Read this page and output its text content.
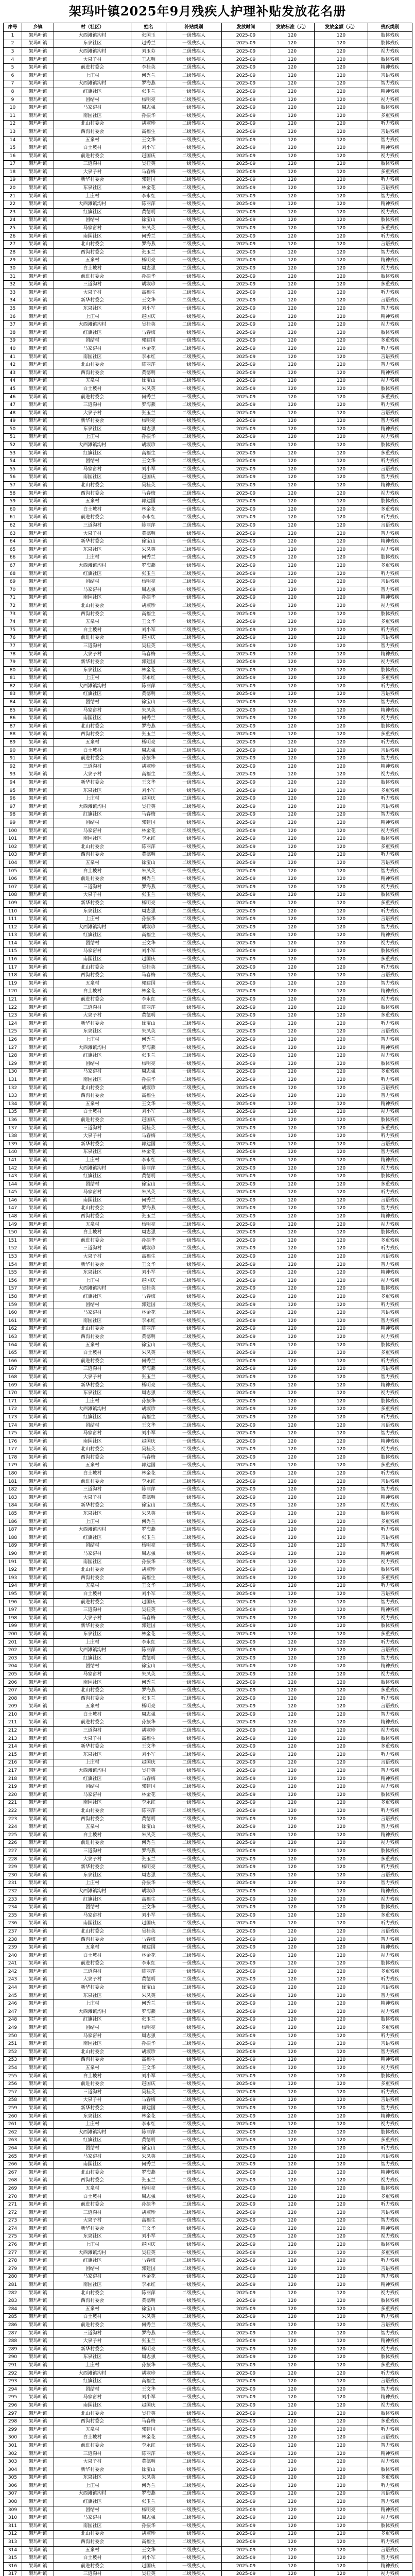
架玛叶镇2025年9月残疾人护理补贴发放花名册
序号	乡镇	村（社区）	姓名	补贴类别	发放时间	发放标准（元）	发放金额（元）	残疾类别
1	架玛叶镇	大西滩镇沟村	张国玉	一级残疾人	2025-09	120	120	肢体残疾
2	架玛叶镇	东泉社区	赵秀兰	一级残疾人	2025-09	120	120	肢体残疾
3	架玛叶镇	大西滩镇沟村	刘玉芬	二级残疾人	2025-09	120	120	视力残疾
4	架玛叶镇	大泉子村	王志明	一级残疾人	2025-09	120	120	肢体残疾
5	架玛叶镇	前进村委会	李桂英	二级残疾人	2025-09	120	120	精神残疾
6	架玛叶镇	上庄村	何秀兰	二级残疾人	2025-09	120	120	言语残疾
7	架玛叶镇	大西滩镇沟村	罗海燕	一级残疾人	2025-09	120	120	智力残疾
8	架玛叶镇	红旗社区	张玉兰	一级残疾人	2025-09	120	120	精神残疾
9	架玛叶镇	团结村	杨明亮	二级残疾人	2025-09	120	120	视力残疾
10	架玛叶镇	马家窑村	周志强	一级残疾人	2025-09	120	120	肢体残疾
11	架玛叶镇	南园社区	孙振华	一级残疾人	2025-09	120	120	多重残疾
12	架玛叶镇	北山村委会	胡淑珍	二级残疾人	2025-09	120	120	听力残疾
13	架玛叶镇	西沟村委会	高福生	二级残疾人	2025-09	120	120	言语残疾
14	架玛叶镇	五泉村	王文华	一级残疾人	2025-09	120	120	智力残疾
15	架玛叶镇	白土坡村	刘小军	一级残疾人	2025-09	120	120	精神残疾
16	架玛叶镇	前进村委会	赵国庆	二级残疾人	2025-09	120	120	视力残疾
17	架玛叶镇	三道沟村	吴桂英	一级残疾人	2025-09	120	120	肢体残疾
18	架玛叶镇	大泉子村	马春梅	一级残疾人	2025-09	120	120	多重残疾
19	架玛叶镇	新华村委会	郭建国	二级残疾人	2025-09	120	120	听力残疾
20	架玛叶镇	东泉社区	林金花	二级残疾人	2025-09	120	120	言语残疾
21	架玛叶镇	上庄村	李永红	一级残疾人	2025-09	120	120	智力残疾
22	架玛叶镇	大西滩镇沟村	陈丽萍	一级残疾人	2025-09	120	120	精神残疾
23	架玛叶镇	红旗社区	黄德明	二级残疾人	2025-09	120	120	视力残疾
24	架玛叶镇	团结村	徐宝山	一级残疾人	2025-09	120	120	肢体残疾
25	架玛叶镇	马家窑村	朱凤英	一级残疾人	2025-09	120	120	多重残疾
26	架玛叶镇	南园社区	何秀兰	二级残疾人	2025-09	120	120	听力残疾
27	架玛叶镇	北山村委会	罗海燕	二级残疾人	2025-09	120	120	言语残疾
28	架玛叶镇	西沟村委会	张玉兰	一级残疾人	2025-09	120	120	智力残疾
29	架玛叶镇	五泉村	杨明亮	一级残疾人	2025-09	120	120	精神残疾
30	架玛叶镇	白土坡村	周志强	二级残疾人	2025-09	120	120	视力残疾
31	架玛叶镇	前进村委会	孙振华	一级残疾人	2025-09	120	120	肢体残疾
32	架玛叶镇	三道沟村	胡淑珍	一级残疾人	2025-09	120	120	多重残疾
33	架玛叶镇	大泉子村	高福生	二级残疾人	2025-09	120	120	听力残疾
34	架玛叶镇	新华村委会	王文华	二级残疾人	2025-09	120	120	言语残疾
35	架玛叶镇	东泉社区	刘小军	一级残疾人	2025-09	120	120	智力残疾
36	架玛叶镇	上庄村	赵国庆	一级残疾人	2025-09	120	120	精神残疾
37	架玛叶镇	大西滩镇沟村	吴桂英	二级残疾人	2025-09	120	120	视力残疾
38	架玛叶镇	红旗社区	马春梅	一级残疾人	2025-09	120	120	肢体残疾
39	架玛叶镇	团结村	郭建国	一级残疾人	2025-09	120	120	多重残疾
40	架玛叶镇	马家窑村	林金花	二级残疾人	2025-09	120	120	听力残疾
41	架玛叶镇	南园社区	李永红	二级残疾人	2025-09	120	120	言语残疾
42	架玛叶镇	北山村委会	陈丽萍	一级残疾人	2025-09	120	120	智力残疾
43	架玛叶镇	西沟村委会	黄德明	一级残疾人	2025-09	120	120	精神残疾
44	架玛叶镇	五泉村	徐宝山	二级残疾人	2025-09	120	120	视力残疾
45	架玛叶镇	白土坡村	朱凤英	一级残疾人	2025-09	120	120	肢体残疾
46	架玛叶镇	前进村委会	何秀兰	一级残疾人	2025-09	120	120	多重残疾
47	架玛叶镇	三道沟村	罗海燕	二级残疾人	2025-09	120	120	听力残疾
48	架玛叶镇	大泉子村	张玉兰	二级残疾人	2025-09	120	120	言语残疾
49	架玛叶镇	新华村委会	杨明亮	一级残疾人	2025-09	120	120	智力残疾
50	架玛叶镇	东泉社区	周志强	一级残疾人	2025-09	120	120	精神残疾
51	架玛叶镇	上庄村	孙振华	二级残疾人	2025-09	120	120	视力残疾
52	架玛叶镇	大西滩镇沟村	胡淑珍	一级残疾人	2025-09	120	120	肢体残疾
53	架玛叶镇	红旗社区	高福生	一级残疾人	2025-09	120	120	多重残疾
54	架玛叶镇	团结村	王文华	二级残疾人	2025-09	120	120	听力残疾
55	架玛叶镇	马家窑村	刘小军	二级残疾人	2025-09	120	120	言语残疾
56	架玛叶镇	南园社区	赵国庆	一级残疾人	2025-09	120	120	智力残疾
57	架玛叶镇	北山村委会	吴桂英	一级残疾人	2025-09	120	120	精神残疾
58	架玛叶镇	西沟村委会	马春梅	二级残疾人	2025-09	120	120	视力残疾
59	架玛叶镇	五泉村	郭建国	一级残疾人	2025-09	120	120	肢体残疾
60	架玛叶镇	白土坡村	林金花	一级残疾人	2025-09	120	120	多重残疾
61	架玛叶镇	前进村委会	李永红	二级残疾人	2025-09	120	120	听力残疾
62	架玛叶镇	三道沟村	陈丽萍	二级残疾人	2025-09	120	120	言语残疾
63	架玛叶镇	大泉子村	黄德明	一级残疾人	2025-09	120	120	智力残疾
64	架玛叶镇	新华村委会	徐宝山	一级残疾人	2025-09	120	120	精神残疾
65	架玛叶镇	东泉社区	朱凤英	二级残疾人	2025-09	120	120	视力残疾
66	架玛叶镇	上庄村	何秀兰	一级残疾人	2025-09	120	120	肢体残疾
67	架玛叶镇	大西滩镇沟村	罗海燕	一级残疾人	2025-09	120	120	多重残疾
68	架玛叶镇	红旗社区	张玉兰	二级残疾人	2025-09	120	120	听力残疾
69	架玛叶镇	团结村	杨明亮	二级残疾人	2025-09	120	120	言语残疾
70	架玛叶镇	马家窑村	周志强	一级残疾人	2025-09	120	120	智力残疾
71	架玛叶镇	南园社区	孙振华	一级残疾人	2025-09	120	120	精神残疾
72	架玛叶镇	北山村委会	胡淑珍	二级残疾人	2025-09	120	120	视力残疾
73	架玛叶镇	西沟村委会	高福生	一级残疾人	2025-09	120	120	肢体残疾
74	架玛叶镇	五泉村	王文华	一级残疾人	2025-09	120	120	多重残疾
75	架玛叶镇	白土坡村	刘小军	二级残疾人	2025-09	120	120	听力残疾
76	架玛叶镇	前进村委会	赵国庆	二级残疾人	2025-09	120	120	言语残疾
77	架玛叶镇	三道沟村	吴桂英	一级残疾人	2025-09	120	120	智力残疾
78	架玛叶镇	大泉子村	马春梅	一级残疾人	2025-09	120	120	精神残疾
79	架玛叶镇	新华村委会	郭建国	二级残疾人	2025-09	120	120	视力残疾
80	架玛叶镇	东泉社区	林金花	一级残疾人	2025-09	120	120	肢体残疾
81	架玛叶镇	上庄村	李永红	一级残疾人	2025-09	120	120	多重残疾
82	架玛叶镇	大西滩镇沟村	陈丽萍	二级残疾人	2025-09	120	120	听力残疾
83	架玛叶镇	红旗社区	黄德明	二级残疾人	2025-09	120	120	言语残疾
84	架玛叶镇	团结村	徐宝山	一级残疾人	2025-09	120	120	智力残疾
85	架玛叶镇	马家窑村	朱凤英	一级残疾人	2025-09	120	120	精神残疾
86	架玛叶镇	南园社区	何秀兰	二级残疾人	2025-09	120	120	视力残疾
87	架玛叶镇	北山村委会	罗海燕	一级残疾人	2025-09	120	120	肢体残疾
88	架玛叶镇	西沟村委会	张玉兰	一级残疾人	2025-09	120	120	多重残疾
89	架玛叶镇	五泉村	杨明亮	二级残疾人	2025-09	120	120	听力残疾
90	架玛叶镇	白土坡村	周志强	二级残疾人	2025-09	120	120	言语残疾
91	架玛叶镇	前进村委会	孙振华	一级残疾人	2025-09	120	120	智力残疾
92	架玛叶镇	三道沟村	胡淑珍	一级残疾人	2025-09	120	120	精神残疾
93	架玛叶镇	大泉子村	高福生	二级残疾人	2025-09	120	120	视力残疾
94	架玛叶镇	新华村委会	王文华	一级残疾人	2025-09	120	120	肢体残疾
95	架玛叶镇	东泉社区	刘小军	一级残疾人	2025-09	120	120	多重残疾
96	架玛叶镇	上庄村	赵国庆	二级残疾人	2025-09	120	120	听力残疾
97	架玛叶镇	大西滩镇沟村	吴桂英	二级残疾人	2025-09	120	120	言语残疾
98	架玛叶镇	红旗社区	马春梅	一级残疾人	2025-09	120	120	智力残疾
99	架玛叶镇	团结村	郭建国	一级残疾人	2025-09	120	120	精神残疾
100	架玛叶镇	马家窑村	林金花	二级残疾人	2025-09	120	120	视力残疾
101	架玛叶镇	南园社区	李永红	一级残疾人	2025-09	120	120	肢体残疾
102	架玛叶镇	北山村委会	陈丽萍	一级残疾人	2025-09	120	120	多重残疾
103	架玛叶镇	西沟村委会	黄德明	二级残疾人	2025-09	120	120	听力残疾
104	架玛叶镇	五泉村	徐宝山	二级残疾人	2025-09	120	120	言语残疾
105	架玛叶镇	白土坡村	朱凤英	一级残疾人	2025-09	120	120	智力残疾
106	架玛叶镇	前进村委会	何秀兰	一级残疾人	2025-09	120	120	精神残疾
107	架玛叶镇	三道沟村	罗海燕	二级残疾人	2025-09	120	120	视力残疾
108	架玛叶镇	大泉子村	张玉兰	一级残疾人	2025-09	120	120	肢体残疾
109	架玛叶镇	新华村委会	杨明亮	一级残疾人	2025-09	120	120	多重残疾
110	架玛叶镇	东泉社区	周志强	二级残疾人	2025-09	120	120	听力残疾
111	架玛叶镇	上庄村	孙振华	二级残疾人	2025-09	120	120	言语残疾
112	架玛叶镇	大西滩镇沟村	胡淑珍	一级残疾人	2025-09	120	120	智力残疾
113	架玛叶镇	红旗社区	高福生	一级残疾人	2025-09	120	120	精神残疾
114	架玛叶镇	团结村	王文华	二级残疾人	2025-09	120	120	视力残疾
115	架玛叶镇	马家窑村	刘小军	一级残疾人	2025-09	120	120	肢体残疾
116	架玛叶镇	南园社区	赵国庆	一级残疾人	2025-09	120	120	多重残疾
117	架玛叶镇	北山村委会	吴桂英	二级残疾人	2025-09	120	120	听力残疾
118	架玛叶镇	西沟村委会	马春梅	二级残疾人	2025-09	120	120	言语残疾
119	架玛叶镇	五泉村	郭建国	一级残疾人	2025-09	120	120	智力残疾
120	架玛叶镇	白土坡村	林金花	一级残疾人	2025-09	120	120	精神残疾
121	架玛叶镇	前进村委会	李永红	二级残疾人	2025-09	120	120	视力残疾
122	架玛叶镇	三道沟村	陈丽萍	一级残疾人	2025-09	120	120	肢体残疾
123	架玛叶镇	大泉子村	黄德明	一级残疾人	2025-09	120	120	多重残疾
124	架玛叶镇	新华村委会	徐宝山	二级残疾人	2025-09	120	120	听力残疾
125	架玛叶镇	东泉社区	朱凤英	二级残疾人	2025-09	120	120	言语残疾
126	架玛叶镇	上庄村	何秀兰	一级残疾人	2025-09	120	120	智力残疾
127	架玛叶镇	大西滩镇沟村	罗海燕	一级残疾人	2025-09	120	120	精神残疾
128	架玛叶镇	红旗社区	张玉兰	二级残疾人	2025-09	120	120	视力残疾
129	架玛叶镇	团结村	杨明亮	一级残疾人	2025-09	120	120	肢体残疾
130	架玛叶镇	马家窑村	周志强	一级残疾人	2025-09	120	120	多重残疾
131	架玛叶镇	南园社区	孙振华	二级残疾人	2025-09	120	120	听力残疾
132	架玛叶镇	北山村委会	胡淑珍	二级残疾人	2025-09	120	120	言语残疾
133	架玛叶镇	西沟村委会	高福生	一级残疾人	2025-09	120	120	智力残疾
134	架玛叶镇	五泉村	王文华	一级残疾人	2025-09	120	120	精神残疾
135	架玛叶镇	白土坡村	刘小军	二级残疾人	2025-09	120	120	视力残疾
136	架玛叶镇	前进村委会	赵国庆	一级残疾人	2025-09	120	120	肢体残疾
137	架玛叶镇	三道沟村	吴桂英	一级残疾人	2025-09	120	120	多重残疾
138	架玛叶镇	大泉子村	马春梅	二级残疾人	2025-09	120	120	听力残疾
139	架玛叶镇	新华村委会	郭建国	二级残疾人	2025-09	120	120	言语残疾
140	架玛叶镇	东泉社区	林金花	一级残疾人	2025-09	120	120	智力残疾
141	架玛叶镇	上庄村	李永红	一级残疾人	2025-09	120	120	精神残疾
142	架玛叶镇	大西滩镇沟村	陈丽萍	二级残疾人	2025-09	120	120	视力残疾
143	架玛叶镇	红旗社区	黄德明	一级残疾人	2025-09	120	120	肢体残疾
144	架玛叶镇	团结村	徐宝山	一级残疾人	2025-09	120	120	多重残疾
145	架玛叶镇	马家窑村	朱凤英	二级残疾人	2025-09	120	120	听力残疾
146	架玛叶镇	南园社区	何秀兰	二级残疾人	2025-09	120	120	言语残疾
147	架玛叶镇	北山村委会	罗海燕	一级残疾人	2025-09	120	120	智力残疾
148	架玛叶镇	西沟村委会	张玉兰	一级残疾人	2025-09	120	120	精神残疾
149	架玛叶镇	五泉村	杨明亮	二级残疾人	2025-09	120	120	视力残疾
150	架玛叶镇	白土坡村	周志强	一级残疾人	2025-09	120	120	肢体残疾
151	架玛叶镇	前进村委会	孙振华	一级残疾人	2025-09	120	120	多重残疾
152	架玛叶镇	三道沟村	胡淑珍	二级残疾人	2025-09	120	120	听力残疾
153	架玛叶镇	大泉子村	高福生	二级残疾人	2025-09	120	120	言语残疾
154	架玛叶镇	新华村委会	王文华	一级残疾人	2025-09	120	120	智力残疾
155	架玛叶镇	东泉社区	刘小军	一级残疾人	2025-09	120	120	精神残疾
156	架玛叶镇	上庄村	赵国庆	二级残疾人	2025-09	120	120	视力残疾
157	架玛叶镇	大西滩镇沟村	吴桂英	一级残疾人	2025-09	120	120	肢体残疾
158	架玛叶镇	红旗社区	马春梅	一级残疾人	2025-09	120	120	多重残疾
159	架玛叶镇	团结村	郭建国	二级残疾人	2025-09	120	120	听力残疾
160	架玛叶镇	马家窑村	林金花	二级残疾人	2025-09	120	120	言语残疾
161	架玛叶镇	南园社区	李永红	一级残疾人	2025-09	120	120	智力残疾
162	架玛叶镇	北山村委会	陈丽萍	一级残疾人	2025-09	120	120	精神残疾
163	架玛叶镇	西沟村委会	黄德明	二级残疾人	2025-09	120	120	视力残疾
164	架玛叶镇	五泉村	徐宝山	一级残疾人	2025-09	120	120	肢体残疾
165	架玛叶镇	白土坡村	朱凤英	一级残疾人	2025-09	120	120	多重残疾
166	架玛叶镇	前进村委会	何秀兰	二级残疾人	2025-09	120	120	听力残疾
167	架玛叶镇	三道沟村	罗海燕	二级残疾人	2025-09	120	120	言语残疾
168	架玛叶镇	大泉子村	张玉兰	一级残疾人	2025-09	120	120	智力残疾
169	架玛叶镇	新华村委会	杨明亮	一级残疾人	2025-09	120	120	精神残疾
170	架玛叶镇	东泉社区	周志强	二级残疾人	2025-09	120	120	视力残疾
171	架玛叶镇	上庄村	孙振华	一级残疾人	2025-09	120	120	肢体残疾
172	架玛叶镇	大西滩镇沟村	胡淑珍	一级残疾人	2025-09	120	120	多重残疾
173	架玛叶镇	红旗社区	高福生	二级残疾人	2025-09	120	120	听力残疾
174	架玛叶镇	团结村	王文华	二级残疾人	2025-09	120	120	言语残疾
175	架玛叶镇	马家窑村	刘小军	一级残疾人	2025-09	120	120	智力残疾
176	架玛叶镇	南园社区	赵国庆	一级残疾人	2025-09	120	120	精神残疾
177	架玛叶镇	北山村委会	吴桂英	二级残疾人	2025-09	120	120	视力残疾
178	架玛叶镇	西沟村委会	马春梅	一级残疾人	2025-09	120	120	肢体残疾
179	架玛叶镇	五泉村	郭建国	一级残疾人	2025-09	120	120	多重残疾
180	架玛叶镇	白土坡村	林金花	二级残疾人	2025-09	120	120	听力残疾
181	架玛叶镇	前进村委会	李永红	二级残疾人	2025-09	120	120	言语残疾
182	架玛叶镇	三道沟村	陈丽萍	一级残疾人	2025-09	120	120	智力残疾
183	架玛叶镇	大泉子村	黄德明	一级残疾人	2025-09	120	120	精神残疾
184	架玛叶镇	新华村委会	徐宝山	二级残疾人	2025-09	120	120	视力残疾
185	架玛叶镇	东泉社区	朱凤英	一级残疾人	2025-09	120	120	肢体残疾
186	架玛叶镇	上庄村	何秀兰	一级残疾人	2025-09	120	120	多重残疾
187	架玛叶镇	大西滩镇沟村	罗海燕	二级残疾人	2025-09	120	120	听力残疾
188	架玛叶镇	红旗社区	张玉兰	二级残疾人	2025-09	120	120	言语残疾
189	架玛叶镇	团结村	杨明亮	一级残疾人	2025-09	120	120	智力残疾
190	架玛叶镇	马家窑村	周志强	一级残疾人	2025-09	120	120	精神残疾
191	架玛叶镇	南园社区	孙振华	二级残疾人	2025-09	120	120	视力残疾
192	架玛叶镇	北山村委会	胡淑珍	一级残疾人	2025-09	120	120	肢体残疾
193	架玛叶镇	西沟村委会	高福生	一级残疾人	2025-09	120	120	多重残疾
194	架玛叶镇	五泉村	王文华	二级残疾人	2025-09	120	120	听力残疾
195	架玛叶镇	白土坡村	刘小军	二级残疾人	2025-09	120	120	言语残疾
196	架玛叶镇	前进村委会	赵国庆	一级残疾人	2025-09	120	120	智力残疾
197	架玛叶镇	三道沟村	吴桂英	一级残疾人	2025-09	120	120	精神残疾
198	架玛叶镇	大泉子村	马春梅	二级残疾人	2025-09	120	120	视力残疾
199	架玛叶镇	新华村委会	郭建国	一级残疾人	2025-09	120	120	肢体残疾
200	架玛叶镇	东泉社区	林金花	一级残疾人	2025-09	120	120	多重残疾
201	架玛叶镇	上庄村	李永红	二级残疾人	2025-09	120	120	听力残疾
202	架玛叶镇	大西滩镇沟村	陈丽萍	二级残疾人	2025-09	120	120	言语残疾
203	架玛叶镇	红旗社区	黄德明	一级残疾人	2025-09	120	120	智力残疾
204	架玛叶镇	团结村	徐宝山	一级残疾人	2025-09	120	120	精神残疾
205	架玛叶镇	马家窑村	朱凤英	二级残疾人	2025-09	120	120	视力残疾
206	架玛叶镇	南园社区	何秀兰	一级残疾人	2025-09	120	120	肢体残疾
207	架玛叶镇	北山村委会	罗海燕	一级残疾人	2025-09	120	120	多重残疾
208	架玛叶镇	西沟村委会	张玉兰	二级残疾人	2025-09	120	120	听力残疾
209	架玛叶镇	五泉村	杨明亮	二级残疾人	2025-09	120	120	言语残疾
210	架玛叶镇	白土坡村	周志强	一级残疾人	2025-09	120	120	智力残疾
211	架玛叶镇	前进村委会	孙振华	一级残疾人	2025-09	120	120	精神残疾
212	架玛叶镇	三道沟村	胡淑珍	二级残疾人	2025-09	120	120	视力残疾
213	架玛叶镇	大泉子村	高福生	一级残疾人	2025-09	120	120	肢体残疾
214	架玛叶镇	新华村委会	王文华	一级残疾人	2025-09	120	120	多重残疾
215	架玛叶镇	东泉社区	刘小军	二级残疾人	2025-09	120	120	听力残疾
216	架玛叶镇	上庄村	赵国庆	二级残疾人	2025-09	120	120	言语残疾
217	架玛叶镇	大西滩镇沟村	吴桂英	一级残疾人	2025-09	120	120	智力残疾
218	架玛叶镇	红旗社区	马春梅	一级残疾人	2025-09	120	120	精神残疾
219	架玛叶镇	团结村	郭建国	二级残疾人	2025-09	120	120	视力残疾
220	架玛叶镇	马家窑村	林金花	一级残疾人	2025-09	120	120	肢体残疾
221	架玛叶镇	南园社区	李永红	一级残疾人	2025-09	120	120	多重残疾
222	架玛叶镇	北山村委会	陈丽萍	二级残疾人	2025-09	120	120	听力残疾
223	架玛叶镇	西沟村委会	黄德明	二级残疾人	2025-09	120	120	言语残疾
224	架玛叶镇	五泉村	徐宝山	一级残疾人	2025-09	120	120	智力残疾
225	架玛叶镇	白土坡村	朱凤英	一级残疾人	2025-09	120	120	精神残疾
226	架玛叶镇	前进村委会	何秀兰	二级残疾人	2025-09	120	120	视力残疾
227	架玛叶镇	三道沟村	罗海燕	一级残疾人	2025-09	120	120	肢体残疾
228	架玛叶镇	大泉子村	张玉兰	一级残疾人	2025-09	120	120	多重残疾
229	架玛叶镇	新华村委会	杨明亮	二级残疾人	2025-09	120	120	听力残疾
230	架玛叶镇	东泉社区	周志强	二级残疾人	2025-09	120	120	言语残疾
231	架玛叶镇	上庄村	孙振华	一级残疾人	2025-09	120	120	智力残疾
232	架玛叶镇	大西滩镇沟村	胡淑珍	一级残疾人	2025-09	120	120	精神残疾
233	架玛叶镇	红旗社区	高福生	二级残疾人	2025-09	120	120	视力残疾
234	架玛叶镇	团结村	王文华	一级残疾人	2025-09	120	120	肢体残疾
235	架玛叶镇	马家窑村	刘小军	一级残疾人	2025-09	120	120	多重残疾
236	架玛叶镇	南园社区	赵国庆	二级残疾人	2025-09	120	120	听力残疾
237	架玛叶镇	北山村委会	吴桂英	二级残疾人	2025-09	120	120	言语残疾
238	架玛叶镇	西沟村委会	马春梅	一级残疾人	2025-09	120	120	智力残疾
239	架玛叶镇	五泉村	郭建国	一级残疾人	2025-09	120	120	精神残疾
240	架玛叶镇	白土坡村	林金花	二级残疾人	2025-09	120	120	视力残疾
241	架玛叶镇	前进村委会	李永红	一级残疾人	2025-09	120	120	肢体残疾
242	架玛叶镇	三道沟村	陈丽萍	一级残疾人	2025-09	120	120	多重残疾
243	架玛叶镇	大泉子村	黄德明	二级残疾人	2025-09	120	120	听力残疾
244	架玛叶镇	新华村委会	徐宝山	二级残疾人	2025-09	120	120	言语残疾
245	架玛叶镇	东泉社区	朱凤英	一级残疾人	2025-09	120	120	智力残疾
246	架玛叶镇	上庄村	何秀兰	一级残疾人	2025-09	120	120	精神残疾
247	架玛叶镇	大西滩镇沟村	罗海燕	二级残疾人	2025-09	120	120	视力残疾
248	架玛叶镇	红旗社区	张玉兰	一级残疾人	2025-09	120	120	肢体残疾
249	架玛叶镇	团结村	杨明亮	一级残疾人	2025-09	120	120	多重残疾
250	架玛叶镇	马家窑村	周志强	二级残疾人	2025-09	120	120	听力残疾
251	架玛叶镇	南园社区	孙振华	二级残疾人	2025-09	120	120	言语残疾
252	架玛叶镇	北山村委会	胡淑珍	一级残疾人	2025-09	120	120	智力残疾
253	架玛叶镇	西沟村委会	高福生	一级残疾人	2025-09	120	120	精神残疾
254	架玛叶镇	五泉村	王文华	二级残疾人	2025-09	120	120	视力残疾
255	架玛叶镇	白土坡村	刘小军	一级残疾人	2025-09	120	120	肢体残疾
256	架玛叶镇	前进村委会	赵国庆	一级残疾人	2025-09	120	120	多重残疾
257	架玛叶镇	三道沟村	吴桂英	二级残疾人	2025-09	120	120	听力残疾
258	架玛叶镇	大泉子村	马春梅	二级残疾人	2025-09	120	120	言语残疾
259	架玛叶镇	新华村委会	郭建国	一级残疾人	2025-09	120	120	智力残疾
260	架玛叶镇	东泉社区	林金花	一级残疾人	2025-09	120	120	精神残疾
261	架玛叶镇	上庄村	李永红	二级残疾人	2025-09	120	120	视力残疾
262	架玛叶镇	大西滩镇沟村	陈丽萍	一级残疾人	2025-09	120	120	肢体残疾
263	架玛叶镇	红旗社区	黄德明	一级残疾人	2025-09	120	120	多重残疾
264	架玛叶镇	团结村	徐宝山	二级残疾人	2025-09	120	120	听力残疾
265	架玛叶镇	马家窑村	朱凤英	二级残疾人	2025-09	120	120	言语残疾
266	架玛叶镇	南园社区	何秀兰	一级残疾人	2025-09	120	120	智力残疾
267	架玛叶镇	北山村委会	罗海燕	一级残疾人	2025-09	120	120	精神残疾
268	架玛叶镇	西沟村委会	张玉兰	二级残疾人	2025-09	120	120	视力残疾
269	架玛叶镇	五泉村	杨明亮	一级残疾人	2025-09	120	120	肢体残疾
270	架玛叶镇	白土坡村	周志强	一级残疾人	2025-09	120	120	多重残疾
271	架玛叶镇	前进村委会	孙振华	二级残疾人	2025-09	120	120	听力残疾
272	架玛叶镇	三道沟村	胡淑珍	二级残疾人	2025-09	120	120	言语残疾
273	架玛叶镇	大泉子村	高福生	一级残疾人	2025-09	120	120	智力残疾
274	架玛叶镇	新华村委会	王文华	一级残疾人	2025-09	120	120	精神残疾
275	架玛叶镇	东泉社区	刘小军	二级残疾人	2025-09	120	120	视力残疾
276	架玛叶镇	上庄村	赵国庆	一级残疾人	2025-09	120	120	肢体残疾
277	架玛叶镇	大西滩镇沟村	吴桂英	一级残疾人	2025-09	120	120	多重残疾
278	架玛叶镇	红旗社区	马春梅	二级残疾人	2025-09	120	120	听力残疾
279	架玛叶镇	团结村	郭建国	二级残疾人	2025-09	120	120	言语残疾
280	架玛叶镇	马家窑村	林金花	一级残疾人	2025-09	120	120	智力残疾
281	架玛叶镇	南园社区	李永红	一级残疾人	2025-09	120	120	精神残疾
282	架玛叶镇	北山村委会	陈丽萍	二级残疾人	2025-09	120	120	视力残疾
283	架玛叶镇	西沟村委会	黄德明	一级残疾人	2025-09	120	120	肢体残疾
284	架玛叶镇	五泉村	徐宝山	一级残疾人	2025-09	120	120	多重残疾
285	架玛叶镇	白土坡村	朱凤英	二级残疾人	2025-09	120	120	听力残疾
286	架玛叶镇	前进村委会	何秀兰	二级残疾人	2025-09	120	120	言语残疾
287	架玛叶镇	三道沟村	罗海燕	一级残疾人	2025-09	120	120	智力残疾
288	架玛叶镇	大泉子村	张玉兰	一级残疾人	2025-09	120	120	精神残疾
289	架玛叶镇	新华村委会	杨明亮	二级残疾人	2025-09	120	120	视力残疾
290	架玛叶镇	东泉社区	周志强	一级残疾人	2025-09	120	120	肢体残疾
291	架玛叶镇	上庄村	孙振华	一级残疾人	2025-09	120	120	多重残疾
292	架玛叶镇	大西滩镇沟村	胡淑珍	二级残疾人	2025-09	120	120	听力残疾
293	架玛叶镇	红旗社区	高福生	二级残疾人	2025-09	120	120	言语残疾
294	架玛叶镇	团结村	王文华	一级残疾人	2025-09	120	120	智力残疾
295	架玛叶镇	马家窑村	刘小军	一级残疾人	2025-09	120	120	精神残疾
296	架玛叶镇	南园社区	赵国庆	二级残疾人	2025-09	120	120	视力残疾
297	架玛叶镇	北山村委会	吴桂英	一级残疾人	2025-09	120	120	肢体残疾
298	架玛叶镇	西沟村委会	马春梅	一级残疾人	2025-09	120	120	多重残疾
299	架玛叶镇	五泉村	郭建国	二级残疾人	2025-09	120	120	听力残疾
300	架玛叶镇	白土坡村	林金花	二级残疾人	2025-09	120	120	言语残疾
301	架玛叶镇	前进村委会	李永红	一级残疾人	2025-09	120	120	智力残疾
302	架玛叶镇	三道沟村	陈丽萍	一级残疾人	2025-09	120	120	精神残疾
303	架玛叶镇	大泉子村	黄德明	二级残疾人	2025-09	120	120	视力残疾
304	架玛叶镇	新华村委会	徐宝山	一级残疾人	2025-09	120	120	肢体残疾
305	架玛叶镇	东泉社区	朱凤英	一级残疾人	2025-09	120	120	多重残疾
306	架玛叶镇	上庄村	何秀兰	二级残疾人	2025-09	120	120	听力残疾
307	架玛叶镇	大西滩镇沟村	罗海燕	二级残疾人	2025-09	120	120	言语残疾
308	架玛叶镇	红旗社区	张玉兰	一级残疾人	2025-09	120	120	智力残疾
309	架玛叶镇	团结村	杨明亮	一级残疾人	2025-09	120	120	精神残疾
310	架玛叶镇	马家窑村	周志强	二级残疾人	2025-09	120	120	视力残疾
311	架玛叶镇	南园社区	孙振华	一级残疾人	2025-09	120	120	肢体残疾
312	架玛叶镇	北山村委会	胡淑珍	一级残疾人	2025-09	120	120	多重残疾
313	架玛叶镇	西沟村委会	高福生	二级残疾人	2025-09	120	120	听力残疾
314	架玛叶镇	五泉村	王文华	二级残疾人	2025-09	120	120	言语残疾
315	架玛叶镇	白土坡村	刘小军	一级残疾人	2025-09	120	120	智力残疾
316	架玛叶镇	前进村委会	赵国庆	一级残疾人	2025-09	120	120	精神残疾
317	架玛叶镇	三道沟村	吴桂英	二级残疾人	2025-09	120	120	视力残疾
